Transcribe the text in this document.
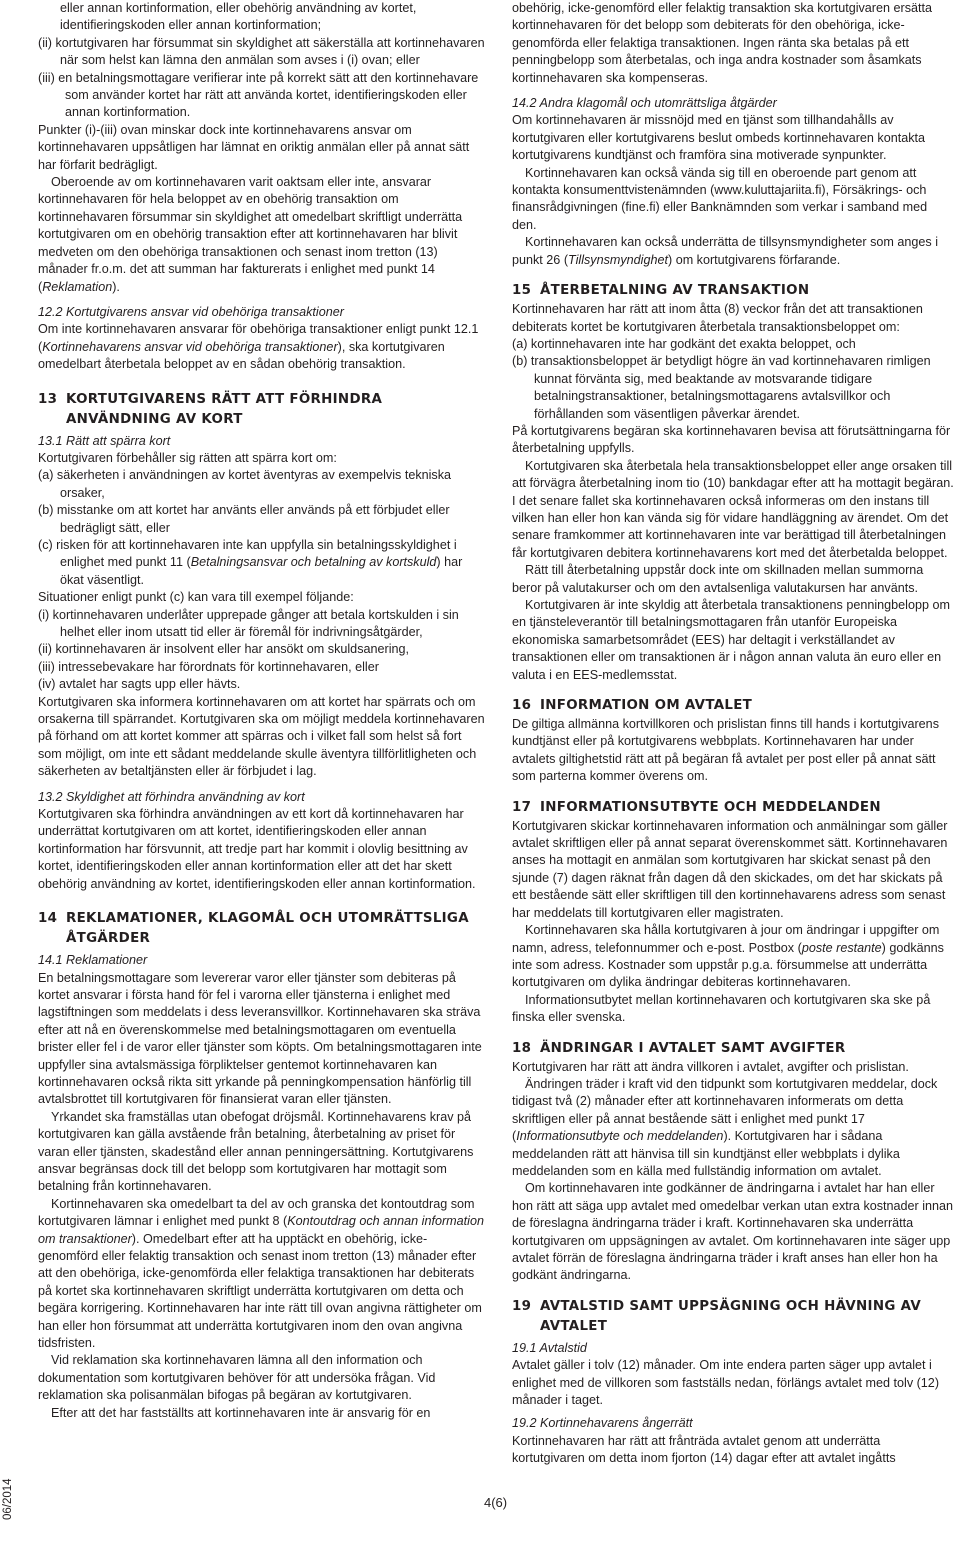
eller annan kortinformation, eller obehörig användning av kortet, identifieringskoden eller annan kortinformation;

(ii) kortutgivaren har försummat sin skyldighet att säkerställa att kortinnehavaren när som helst kan lämna den anmälan som avses i (i) ovan; eller

(iii) en betalningsmottagare verifierar inte på korrekt sätt att den kortinnehavare som använder kortet har rätt att använda kortet, identifieringskoden eller annan kortinformation.

Punkter (i)-(iii) ovan minskar dock inte kortinnehavarens ansvar om kortinnehavaren uppsåtligen har lämnat en oriktig anmälan eller på annat sätt har förfarit bedrägligt.

Oberoende av om kortinnehavaren varit oaktsam eller inte, ansvarar kortinnehavaren för hela beloppet av en obehörig transaktion om kortinnehavaren försummar sin skyldighet att omedelbart skriftligt underrätta kortutgivaren om en obehörig transaktion efter att kortinnehavaren har blivit medveten om den obehöriga transaktionen och senast inom tretton (13) månader fr.o.m. det att summan har fakturerats i enlighet med punkt 14 (Reklamation).

12.2 Kortutgivarens ansvar vid obehöriga transaktioner

Om inte kortinnehavaren ansvarar för obehöriga transaktioner enligt punkt 12.1 (Kortinnehavarens ansvar vid obehöriga transaktioner), ska kortutgivaren omedelbart återbetala beloppet av en sådan obehörig transaktion.

13 KORTUTGIVARENS RÄTT ATT FÖRHINDRA ANVÄNDNING AV KORT
13.1 Rätt att spärra kort

Kortutgivaren förbehåller sig rätten att spärra kort om:

(a) säkerheten i användningen av kortet äventyras av exempelvis tekniska orsaker,

(b) misstanke om att kortet har använts eller används på ett förbjudet eller bedrägligt sätt, eller

(c) risken för att kortinnehavaren inte kan uppfylla sin betalningsskyldighet i enlighet med punkt 11 (Betalningsansvar och betalning av kortskuld) har ökat väsentligt.

Situationer enligt punkt (c) kan vara till exempel följande:

(i) kortinnehavaren underlåter upprepade gånger att betala kortskulden i sin helhet eller inom utsatt tid eller är föremål för indrivningsåtgärder,

(ii) kortinnehavaren är insolvent eller har ansökt om skuldsanering,

(iii) intressebevakare har förordnats för kortinnehavaren, eller

(iv) avtalet har sagts upp eller hävts.

Kortutgivaren ska informera kortinnehavaren om att kortet har spärrats och om orsakerna till spärrandet. Kortutgivaren ska om möjligt meddela kortinnehavaren på förhand om att kortet kommer att spärras och i vilket fall som helst så fort som möjligt, om inte ett sådant meddelande skulle äventyra tillförlitligheten och säkerheten av betaltjänsten eller är förbjudet i lag.

13.2 Skyldighet att förhindra användning av kort

Kortutgivaren ska förhindra användningen av ett kort då kortinnehavaren har underrättat kortutgivaren om att kortet, identifieringskoden eller annan kortinformation har försvunnit, att tredje part har kommit i olovlig besittning av kortet, identifieringskoden eller annan kortinformation eller att det har skett obehörig användning av kortet, identifieringskoden eller annan kortinformation.

14 REKLAMATIONER, KLAGOMÅL OCH UTOMRÄTTSLIGA ÅTGÄRDER
14.1 Reklamationer

En betalningsmottagare som levererar varor eller tjänster som debiteras på kortet ansvarar i första hand för fel i varorna eller tjänsterna i enlighet med lagstiftningen som meddelats i dess leveransvillkor. Kortinnehavaren ska sträva efter att nå en överenskommelse med betalningsmottagaren om eventuella brister eller fel i de varor eller tjänster som köpts. Om betalningsmottagaren inte uppfyller sina avtalsmässiga förpliktelser gentemot kortinnehavaren kan kortinnehavaren också rikta sitt yrkande på penningkompensation hänförlig till avtalsbrottet till kortutgivaren för finansierat varan eller tjänsten.

Yrkandet ska framställas utan obefogat dröjsmål. Kortinnehavarens krav på kortutgivaren kan gälla avstående från betalning, återbetalning av priset för varan eller tjänsten, skadestånd eller annan penningersättning. Kortutgivarens ansvar begränsas dock till det belopp som kortutgivaren har mottagit som betalning från kortinnehavaren.

Kortinnehavaren ska omedelbart ta del av och granska det kontoutdrag som kortutgivaren lämnar i enlighet med punkt 8 (Kontoutdrag och annan information om transaktioner). Omedelbart efter att ha upptäckt en obehörig, icke-genomförd eller felaktig transaktion och senast inom tretton (13) månader efter att den obehöriga, icke-genomförda eller felaktiga transaktionen har debiterats på kortet ska kortinnehavaren skriftligt underrätta kortutgivaren om detta och begära korrigering. Kortinnehavaren har inte rätt till ovan angivna rättigheter om han eller hon försummat att underrätta kortutgivaren inom den ovan angivna tidsfristen.

Vid reklamation ska kortinnehavaren lämna all den information och dokumentation som kortutgivaren behöver för att undersöka frågan. Vid reklamation ska polisanmälan bifogas på begäran av kortutgivaren.

Efter att det har fastställts att kortinnehavaren inte är ansvarig för en

obehörig, icke-genomförd eller felaktig transaktion ska kortutgivaren ersätta kortinnehavaren för det belopp som debiterats för den obehöriga, icke-genomförda eller felaktiga transaktionen. Ingen ränta ska betalas på ett penningbelopp som återbetalas, och inga andra kostnader som åsamkats kortinnehavaren ska kompenseras.

14.2 Andra klagomål och utomrättsliga åtgärder

Om kortinnehavaren är missnöjd med en tjänst som tillhandahålls av kortutgivaren eller kortutgivarens beslut ombeds kortinnehavaren kontakta kortutgivarens kundtjänst och framföra sina motiverade synpunkter.

Kortinnehavaren kan också vända sig till en oberoende part genom att kontakta konsumenttvistenämnden (www.kuluttajariita.fi), Försäkrings- och finansrådgivningen (fine.fi) eller Banknämnden som verkar i samband med den.

Kortinnehavaren kan också underrätta de tillsynsmyndigheter som anges i punkt 26 (Tillsynsmyndighet) om kortutgivarens förfarande.

15 ÅTERBETALNING AV TRANSAKTION

Kortinnehavaren har rätt att inom åtta (8) veckor från det att transaktionen debiterats kortet be kortutgivaren återbetala transaktionsbeloppet om:

(a) kortinnehavaren inte har godkänt det exakta beloppet, och

(b) transaktionsbeloppet är betydligt högre än vad kortinnehavaren rimligen kunnat förvänta sig, med beaktande av motsvarande tidigare betalningstransaktioner, betalningsmottagarens avtalsvillkor och förhållanden som väsentligen påverkar ärendet.

På kortutgivarens begäran ska kortinnehavaren bevisa att förutsättningarna för återbetalning uppfylls.

Kortutgivaren ska återbetala hela transaktionsbeloppet eller ange orsaken till att förvägra återbetalning inom tio (10) bankdagar efter att ha mottagit begäran. I det senare fallet ska kortinnehavaren också informeras om den instans till vilken han eller hon kan vända sig för vidare handläggning av ärendet. Om det senare framkommer att kortinnehavaren inte var berättigad till återbetalningen får kortutgivaren debitera kortinnehavarens kort med det återbetalda beloppet.

Rätt till återbetalning uppstår dock inte om skillnaden mellan summorna beror på valutakurser och om den avtalsenliga valutakursen har använts.

Kortutgivaren är inte skyldig att återbetala transaktionens penningbelopp om en tjänsteleverantör till betalningsmottagaren från utanför Europeiska ekonomiska samarbetsområdet (EES) har deltagit i verkställandet av transaktionen eller om transaktionen är i någon annan valuta än euro eller en valuta i en EES-medlemsstat.

16 INFORMATION OM AVTALET

De giltiga allmänna kortvillkoren och prislistan finns till hands i kortutgivarens kundtjänst eller på kortutgivarens webbplats. Kortinnehavaren har under avtalets giltighetstid rätt att på begäran få avtalet per post eller på annat sätt som parterna kommer överens om.

17 INFORMATIONSUTBYTE OCH MEDDELANDEN

Kortutgivaren skickar kortinnehavaren information och anmälningar som gäller avtalet skriftligen eller på annat separat överenskommet sätt. Kortinnehavaren anses ha mottagit en anmälan som kortutgivaren har skickat senast på den sjunde (7) dagen räknat från dagen då den skickades, om det har skickats på ett bestående sätt eller skriftligen till den kortinnehavarens adress som senast har meddelats till kortutgivaren eller magistraten.

Kortinnehavaren ska hålla kortutgivaren à jour om ändringar i uppgifter om namn, adress, telefonnummer och e-post. Postbox (poste restante) godkänns inte som adress. Kostnader som uppstår p.g.a. försummelse att underrätta kortutgivaren om dylika ändringar debiteras kortinnehavaren.

Informationsutbytet mellan kortinnehavaren och kortutgivaren ska ske på finska eller svenska.

18 ÄNDRINGAR I AVTALET SAMT AVGIFTER

Kortutgivaren har rätt att ändra villkoren i avtalet, avgifter och prislistan.

Ändringen träder i kraft vid den tidpunkt som kortutgivaren meddelar, dock tidigast två (2) månader efter att kortinnehavaren informerats om detta skriftligen eller på annat bestående sätt i enlighet med punkt 17 (Informationsutbyte och meddelanden). Kortutgivaren har i sådana meddelanden rätt att hänvisa till sin kundtjänst eller webbplats i dylika meddelanden som en källa med fullständig information om avtalet.

Om kortinnehavaren inte godkänner de ändringarna i avtalet har han eller hon rätt att säga upp avtalet med omedelbar verkan utan extra kostnader innan de föreslagna ändringarna träder i kraft. Kortinnehavaren ska underrätta kortutgivaren om uppsägningen av avtalet. Om kortinnehavaren inte säger upp avtalet förrän de föreslagna ändringarna träder i kraft anses han eller hon ha godkänt ändringarna.

19 AVTALSTID SAMT UPPSÄGNING OCH HÄVNING AV AVTALET
19.1 Avtalstid

Avtalet gäller i tolv (12) månader. Om inte endera parten säger upp avtalet i enlighet med de villkoren som fastställs nedan, förlängs avtalet med tolv (12) månader i taget.

19.2 Kortinnehavarens ångerrätt

Kortinnehavaren har rätt att frånträda avtalet genom att underrätta kortutgivaren om detta inom fjorton (14) dagar efter att avtalet ingåtts

06/2014	4(6)
